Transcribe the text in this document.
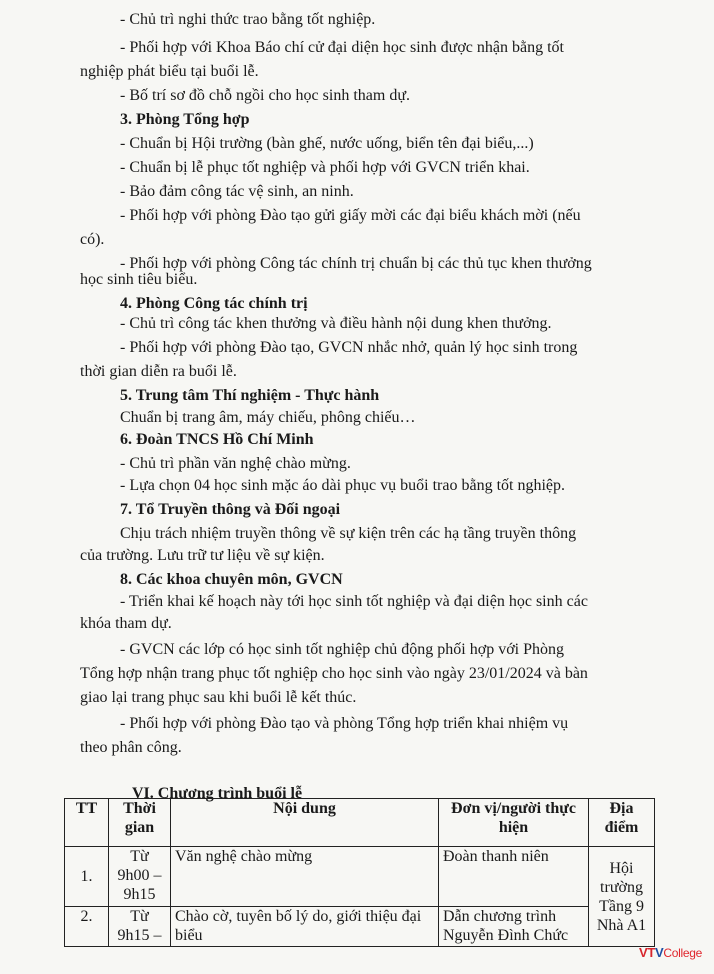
- Chủ trì nghi thức trao bằng tốt nghiệp.
- Phối hợp với Khoa Báo chí cử đại diện học sinh được nhận bằng tốt
nghiệp phát biểu tại buổi lễ.
- Bố trí sơ đồ chỗ ngồi cho học sinh tham dự.
3. Phòng Tổng hợp
- Chuẩn bị Hội trường (bàn ghế, nước uống, biển tên đại biểu,...)
- Chuẩn bị lễ phục tốt nghiệp và phối hợp với GVCN triển khai.
- Bảo đảm công tác vệ sinh, an ninh.
- Phối hợp với phòng Đào tạo gửi giấy mời các đại biểu khách mời (nếu
có).
- Phối hợp với phòng Công tác chính trị chuẩn bị các thủ tục khen thưởng
học sinh tiêu biểu.
4. Phòng Công tác chính trị
- Chủ trì công tác khen thưởng và điều hành nội dung khen thưởng.
- Phối hợp với phòng Đào tạo, GVCN nhắc nhở, quản lý học sinh trong
thời gian diễn ra buổi lễ.
5. Trung tâm Thí nghiệm - Thực hành
Chuẩn bị trang âm, máy chiếu, phông chiếu…
6. Đoàn TNCS Hồ Chí Minh
- Chủ trì phần văn nghệ chào mừng.
- Lựa chọn 04 học sinh mặc áo dài phục vụ buổi trao bằng tốt nghiệp.
7. Tổ Truyền thông và Đối ngoại
Chịu trách nhiệm truyền thông về sự kiện trên các hạ tầng truyền thông
của trường. Lưu trữ tư liệu về sự kiện.
8. Các khoa chuyên môn, GVCN
- Triển khai kế hoạch này tới học sinh tốt nghiệp và đại diện học sinh các
khóa tham dự.
- GVCN các lớp có học sinh tốt nghiệp chủ động phối hợp với Phòng
Tổng hợp nhận trang phục tốt nghiệp cho học sinh vào ngày 23/01/2024 và bàn
giao lại trang phục sau khi buổi lễ kết thúc.
- Phối hợp với phòng Đào tạo và phòng Tổng hợp triển khai nhiệm vụ
theo phân công.
VI. Chương trình buổi lễ
TT	Thời gian	Nội dung	Đơn vị/người thực hiện	Địa điểm
1.	Từ 9h00 – 9h15	Văn nghệ chào mừng	Đoàn thanh niên	Hội trường Tầng 9 Nhà A1
2.	Từ 9h15 –	Chào cờ, tuyên bố lý do, giới thiệu đại biểu	Dẫn chương trình Nguyễn Đình Chức	
VTVCollege
